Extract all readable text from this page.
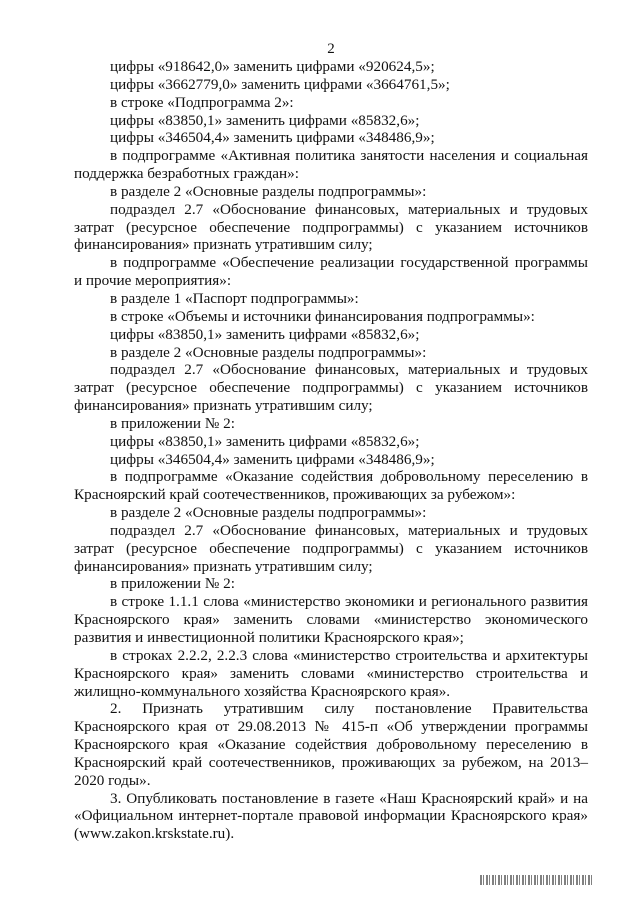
2

цифры «918642,0» заменить цифрами «920624,5»;

цифры «3662779,0» заменить цифрами «3664761,5»;

в строке «Подпрограмма 2»:

цифры «83850,1» заменить цифрами «85832,6»;

цифры «346504,4» заменить цифрами «348486,9»;

в подпрограмме «Активная политика занятости населения и социальная поддержка безработных граждан»:

в разделе 2 «Основные разделы подпрограммы»:

подраздел 2.7 «Обоснование финансовых, материальных и трудовых затрат (ресурсное обеспечение подпрограммы) с указанием источников финансирования» признать утратившим силу;

в подпрограмме «Обеспечение реализации государственной программы и прочие мероприятия»:

в разделе 1 «Паспорт подпрограммы»:

в строке «Объемы и источники финансирования подпрограммы»:

цифры «83850,1» заменить цифрами «85832,6»;

в разделе 2 «Основные разделы подпрограммы»:

подраздел 2.7 «Обоснование финансовых, материальных и трудовых затрат (ресурсное обеспечение подпрограммы) с указанием источников финансирования» признать утратившим силу;

в приложении № 2:

цифры «83850,1» заменить цифрами «85832,6»;

цифры «346504,4» заменить цифрами «348486,9»;

в подпрограмме «Оказание содействия добровольному переселению в Красноярский край соотечественников, проживающих за рубежом»:

в разделе 2 «Основные разделы подпрограммы»:

подраздел 2.7 «Обоснование финансовых, материальных и трудовых затрат (ресурсное обеспечение подпрограммы) с указанием источников финансирования» признать утратившим силу;

в приложении № 2:

в строке 1.1.1 слова «министерство экономики и регионального развития Красноярского края» заменить словами «министерство экономического развития и инвестиционной политики Красноярского края»;

в строках 2.2.2, 2.2.3 слова «министерство строительства и архитектуры Красноярского края» заменить словами «министерство строительства и жилищно-коммунального хозяйства Красноярского края».

2. Признать утратившим силу постановление Правительства Красноярского края от 29.08.2013 № 415-п «Об утверждении программы Красноярского края «Оказание содействия добровольному переселению в Красноярский край соотечественников, проживающих за рубежом, на 2013–2020 годы».

3. Опубликовать постановление в газете «Наш Красноярский край» и на «Официальном интернет-портале правовой информации Красноярского края» (www.zakon.krskstate.ru).
